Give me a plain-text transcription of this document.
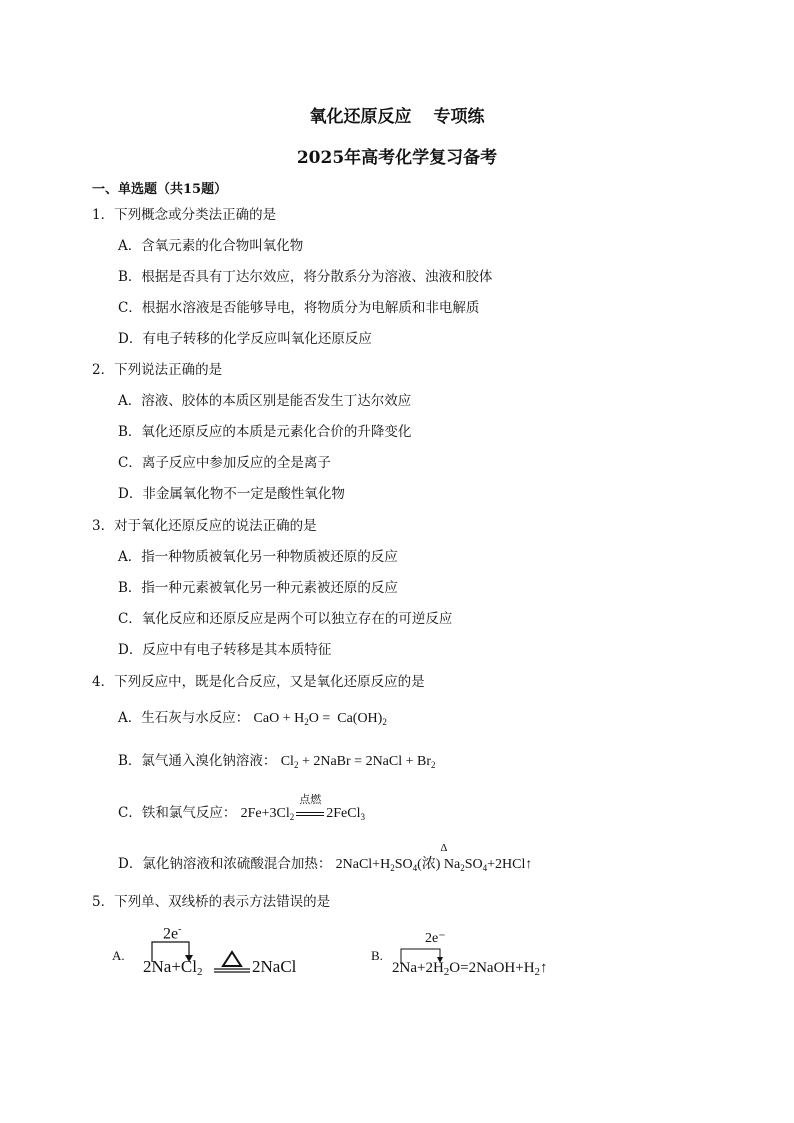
氧化还原反应 专项练
2025年高考化学复习备考
一、单选题（共15题）
1．下列概念或分类法正确的是
A．含氧元素的化合物叫氧化物
B．根据是否具有丁达尔效应，将分散系分为溶液、浊液和胶体
C．根据水溶液是否能够导电，将物质分为电解质和非电解质
D．有电子转移的化学反应叫氧化还原反应
2．下列说法正确的是
A．溶液、胶体的本质区别是能否发生丁达尔效应
B．氧化还原反应的本质是元素化合价的升降变化
C．离子反应中参加反应的全是离子
D．非金属氧化物不一定是酸性氧化物
3．对于氧化还原反应的说法正确的是
A．指一种物质被氧化另一种物质被还原的反应
B．指一种元素被氧化另一种元素被还原的反应
C．氧化反应和还原反应是两个可以独立存在的可逆反应
D．反应中有电子转移是其本质特征
4．下列反应中，既是化合反应，又是氧化还原反应的是
A．生石灰与水反应： CaO + $H_2O = Ca(OH)_2$
B．氯气通入溴化钠溶液： $Cl_2$ + 2NaBr = 2NaCl + $Br_2$
C．铁和氯气反应： $2Fe+3Cl_2$
点燃
2FeCl$_3$
D．氯化钠溶液和浓硫酸混合加热： $2NaCl+H_2SO_4$(浓)
Δ
$Na_2SO_4+2HCl↑$
5．下列单、双线桥的表示方法错误的是
A.
2e-
$2Na+Cl_2$	2NaCl
B.
2e⁻
$2Na+2H_2O=2NaOH+H_2↑$
